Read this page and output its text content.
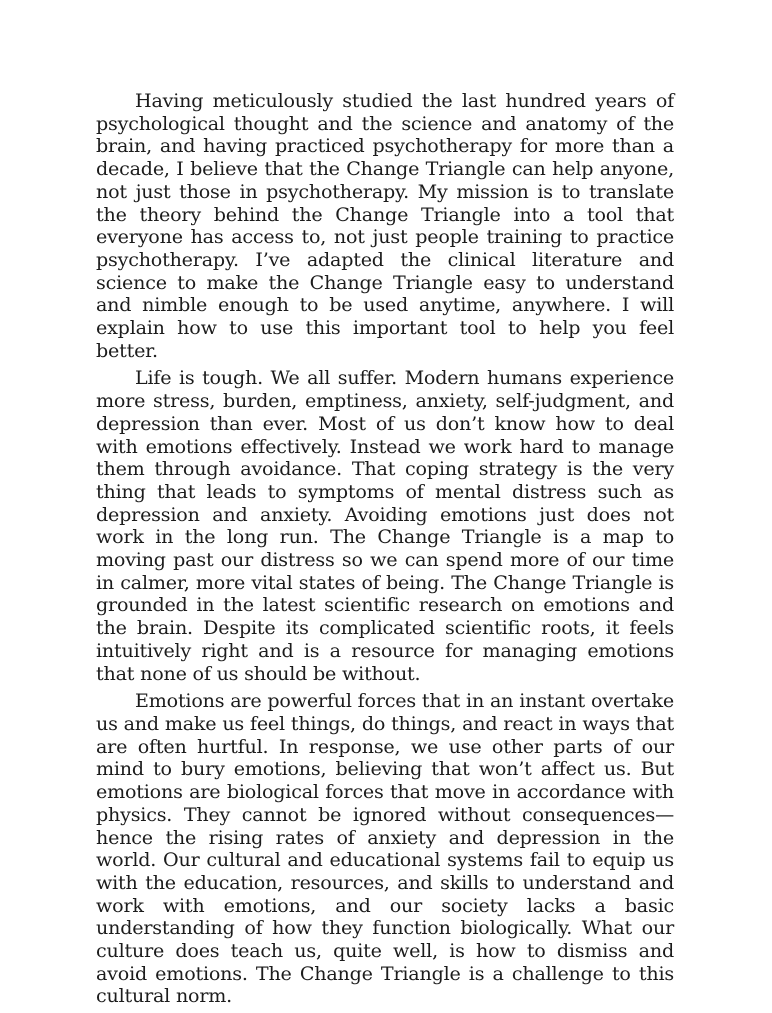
Having meticulously studied the last hundred years of psychological thought and the science and anatomy of the brain, and having practiced psychotherapy for more than a decade, I believe that the Change Triangle can help anyone, not just those in psychotherapy. My mission is to translate the theory behind the Change Triangle into a tool that everyone has access to, not just people training to practice psychotherapy. I’ve adapted the clinical literature and science to make the Change Triangle easy to understand and nimble enough to be used anytime, anywhere. I will explain how to use this important tool to help you feel better.

Life is tough. We all suffer. Modern humans experience more stress, burden, emptiness, anxiety, self-judgment, and depression than ever. Most of us don’t know how to deal with emotions effectively. Instead we work hard to manage them through avoidance. That coping strategy is the very thing that leads to symptoms of mental distress such as depression and anxiety. Avoiding emotions just does not work in the long run. The Change Triangle is a map to moving past our distress so we can spend more of our time in calmer, more vital states of being. The Change Triangle is grounded in the latest scientific research on emotions and the brain. Despite its complicated scientific roots, it feels intuitively right and is a resource for managing emotions that none of us should be without.

Emotions are powerful forces that in an instant overtake us and make us feel things, do things, and react in ways that are often hurtful. In response, we use other parts of our mind to bury emotions, believing that won’t affect us. But emotions are biological forces that move in accordance with physics. They cannot be ignored without consequences—hence the rising rates of anxiety and depression in the world. Our cultural and educational systems fail to equip us with the education, resources, and skills to understand and work with emotions, and our society lacks a basic understanding of how they function biologically. What our culture does teach us, quite well, is how to dismiss and avoid emotions. The Change Triangle is a challenge to this cultural norm.
